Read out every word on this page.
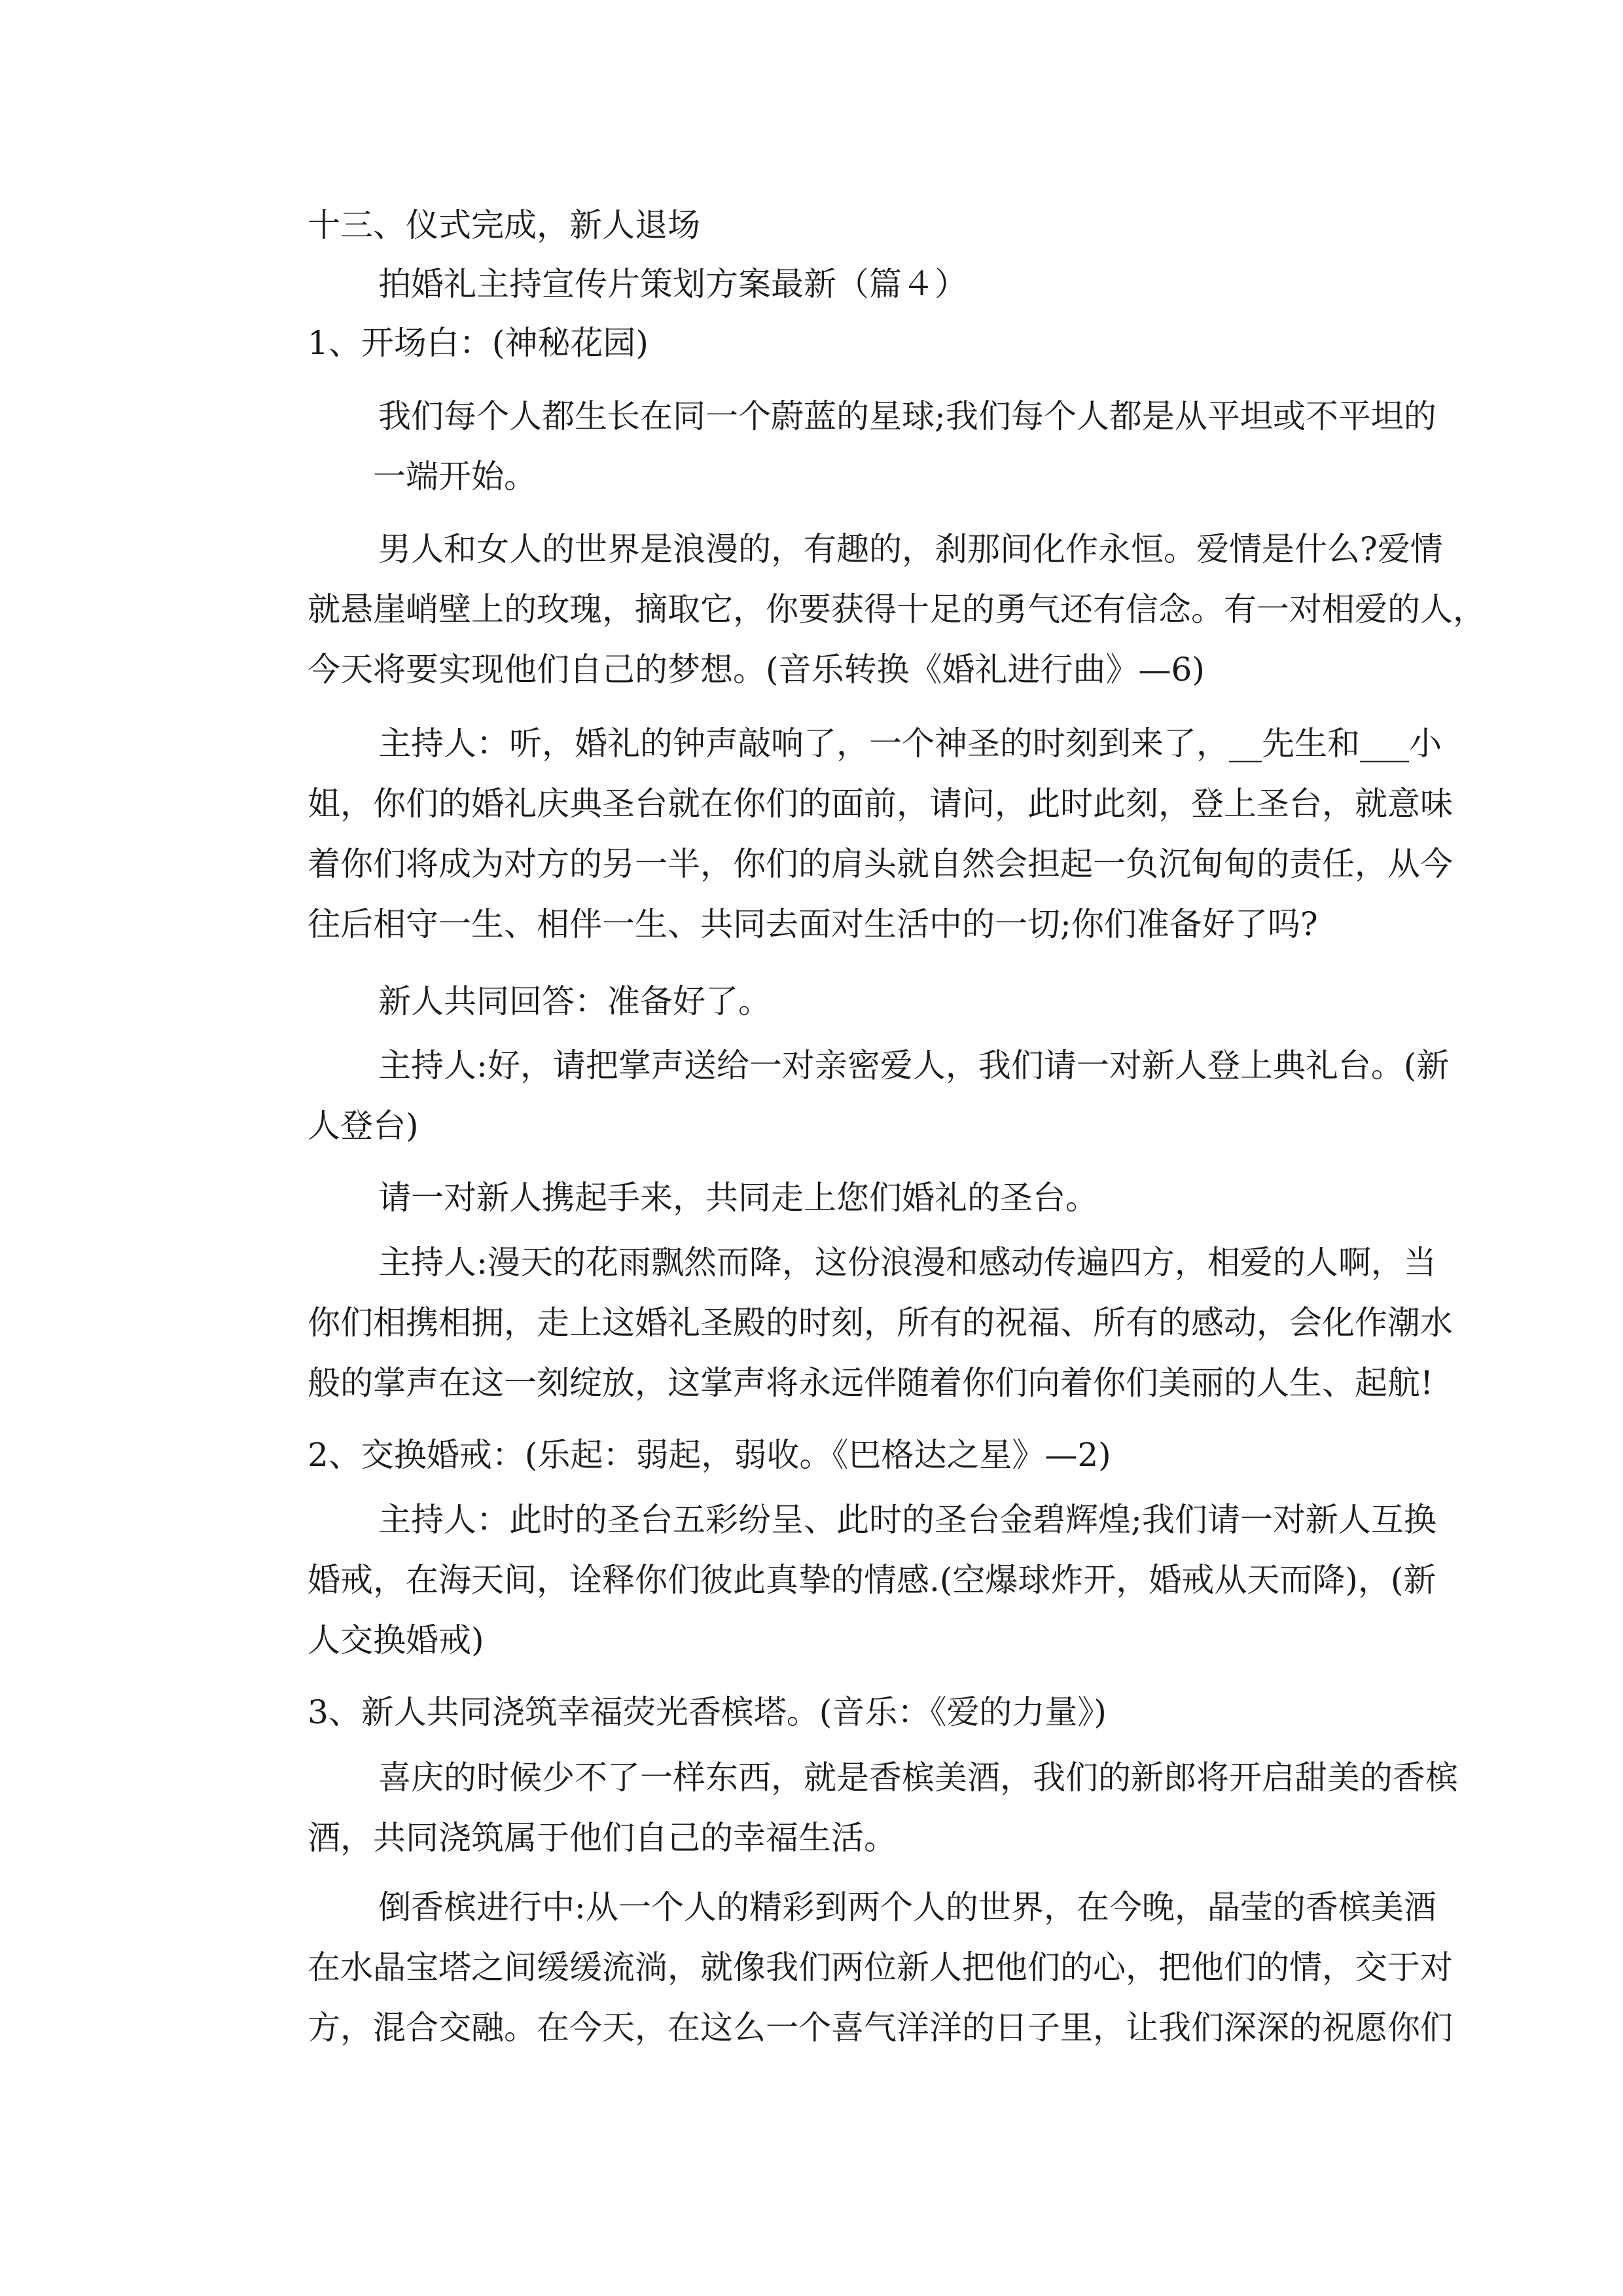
十三、仪式完成，新人退场
拍婚礼主持宣传片策划方案最新（篇４）
1、开场白：(神秘花园)
我们每个人都生长在同一个蔚蓝的星球;我们每个人都是从平坦或不平坦的
一端开始。
男人和女人的世界是浪漫的，有趣的，刹那间化作永恒。爱情是什么?爱情
就悬崖峭壁上的玫瑰，摘取它，你要获得十足的勇气还有信念。有一对相爱的人，
今天将要实现他们自己的梦想。(音乐转换《婚礼进行曲》—6)
主持人：听，婚礼的钟声敲响了，一个神圣的时刻到来了，__先生和___小
姐，你们的婚礼庆典圣台就在你们的面前，请问，此时此刻，登上圣台，就意味
着你们将成为对方的另一半，你们的肩头就自然会担起一负沉甸甸的责任，从今
往后相守一生、相伴一生、共同去面对生活中的一切;你们准备好了吗?
新人共同回答：准备好了。
主持人:好，请把掌声送给一对亲密爱人，我们请一对新人登上典礼台。(新
人登台)
请一对新人携起手来，共同走上您们婚礼的圣台。
主持人:漫天的花雨飘然而降，这份浪漫和感动传遍四方，相爱的人啊，当
你们相携相拥，走上这婚礼圣殿的时刻，所有的祝福、所有的感动，会化作潮水
般的掌声在这一刻绽放，这掌声将永远伴随着你们向着你们美丽的人生、起航!
2、交换婚戒：(乐起：弱起，弱收。《巴格达之星》—2)
主持人：此时的圣台五彩纷呈、此时的圣台金碧辉煌;我们请一对新人互换
婚戒，在海天间，诠释你们彼此真挚的情感.(空爆球炸开，婚戒从天而降)，(新
人交换婚戒)
3、新人共同浇筑幸福荧光香槟塔。(音乐：《爱的力量》)
喜庆的时候少不了一样东西，就是香槟美酒，我们的新郎将开启甜美的香槟
酒，共同浇筑属于他们自己的幸福生活。
倒香槟进行中:从一个人的精彩到两个人的世界，在今晚，晶莹的香槟美酒
在水晶宝塔之间缓缓流淌，就像我们两位新人把他们的心，把他们的情，交于对
方，混合交融。在今天，在这么一个喜气洋洋的日子里，让我们深深的祝愿你们
